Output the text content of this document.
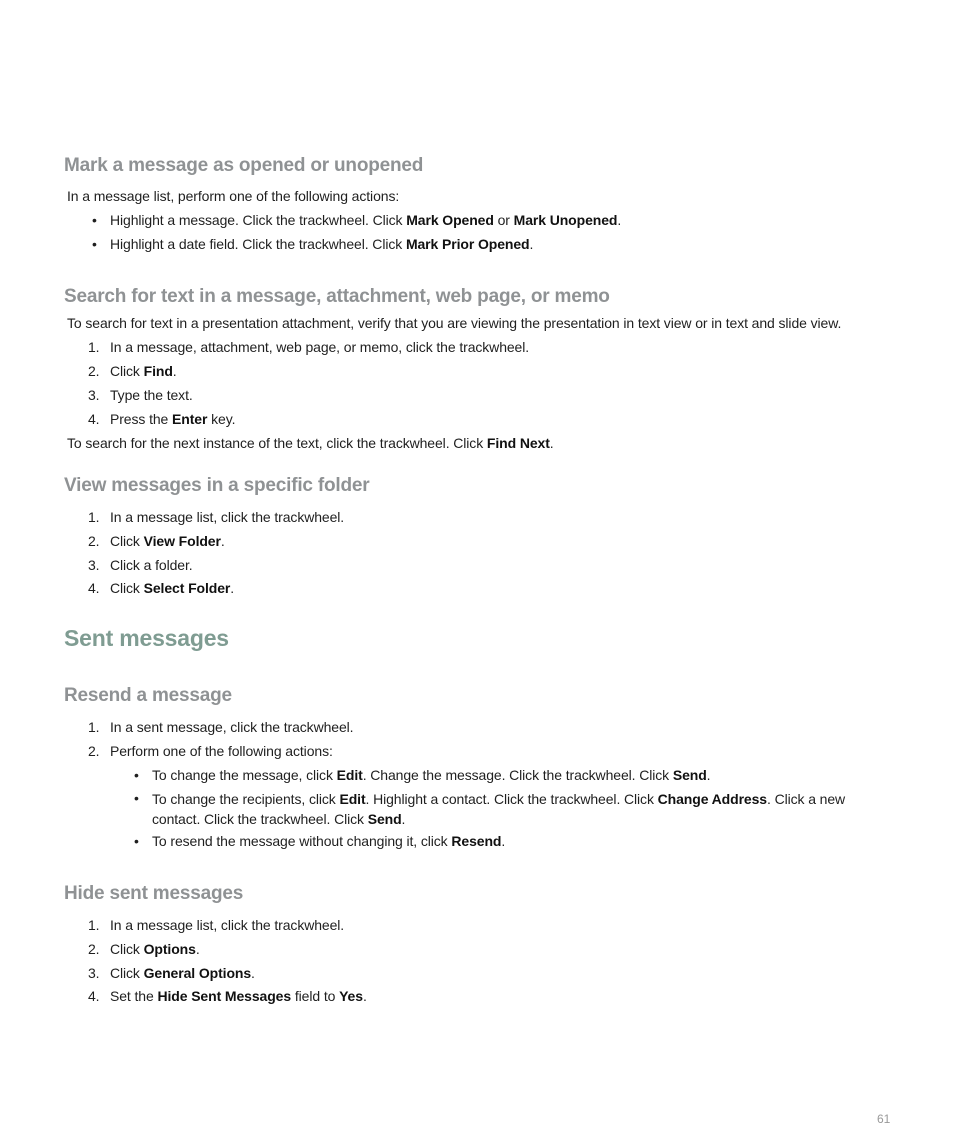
Mark a message as opened or unopened
In a message list, perform one of the following actions:
• Highlight a message. Click the trackwheel. Click Mark Opened or Mark Unopened.
• Highlight a date field. Click the trackwheel. Click Mark Prior Opened.
Search for text in a message, attachment, web page, or memo
To search for text in a presentation attachment, verify that you are viewing the presentation in text view or in text and slide view.
1. In a message, attachment, web page, or memo, click the trackwheel.
2. Click Find.
3. Type the text.
4. Press the Enter key.
To search for the next instance of the text, click the trackwheel. Click Find Next.
View messages in a specific folder
1. In a message list, click the trackwheel.
2. Click View Folder.
3. Click a folder.
4. Click Select Folder.
Sent messages
Resend a message
1. In a sent message, click the trackwheel.
2. Perform one of the following actions:
• To change the message, click Edit. Change the message. Click the trackwheel. Click Send.
• To change the recipients, click Edit. Highlight a contact. Click the trackwheel. Click Change Address. Click a new contact. Click the trackwheel. Click Send.
• To resend the message without changing it, click Resend.
Hide sent messages
1. In a message list, click the trackwheel.
2. Click Options.
3. Click General Options.
4. Set the Hide Sent Messages field to Yes.
61
